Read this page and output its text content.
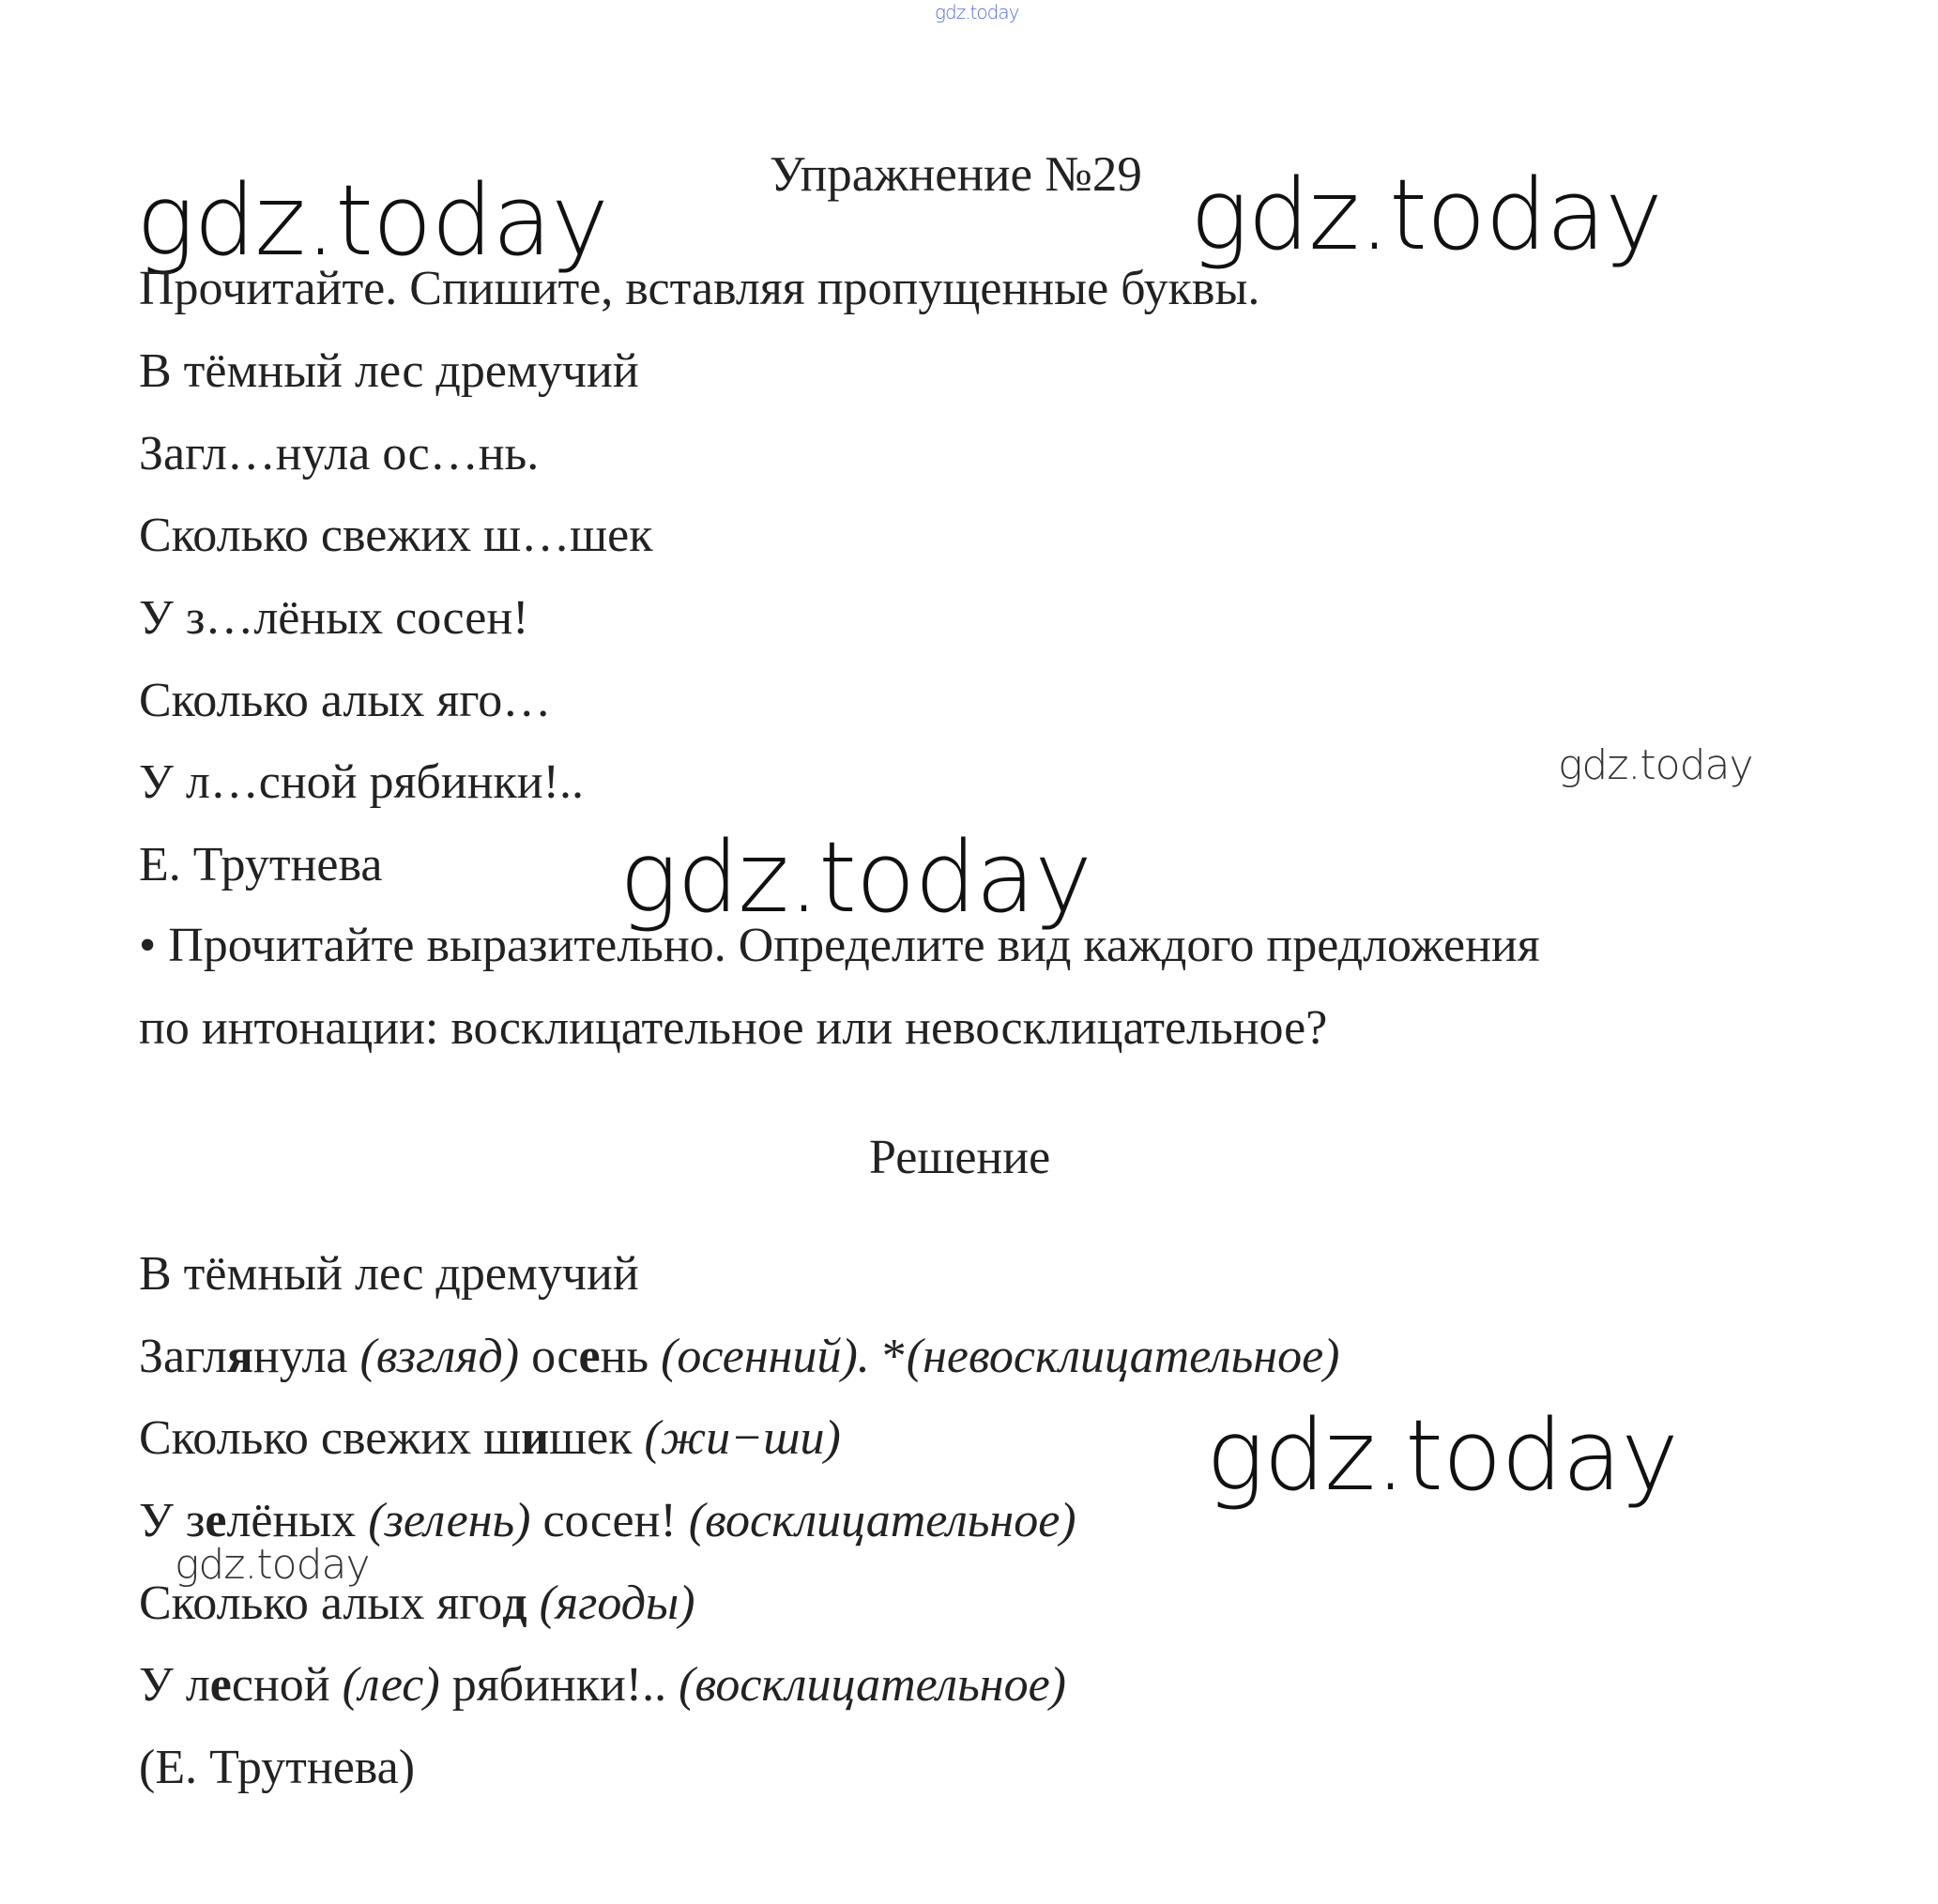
gdz.today
Упражнение №29
gdz.today	gdz.today
Прочитайте. Спишите, вставляя пропущенные буквы.
В тёмный лес дремучий
Загл…нула ос…нь.
Сколько свежих ш…шек
У з…лёных сосен!
Сколько алых яго…
У л…сной рябинки!..	gdz.today
Е. Трутнева gdz.today
• Прочитайте выразительно. Определите вид каждого предложения
по интонации: восклицательное или невосклицательное?
Решение
В тёмный лес дремучий
Заглянула (взгляд) осень (осенний). *(невосклицательное)
Сколько свежих шишек (жи−ши)	gdz.today
У зелёных (зелень) сосен! (восклицательное)
gdz.today
Сколько алых ягод (ягоды)
У лесной (лес) рябинки!.. (восклицательное)
(Е. Трутнева)
